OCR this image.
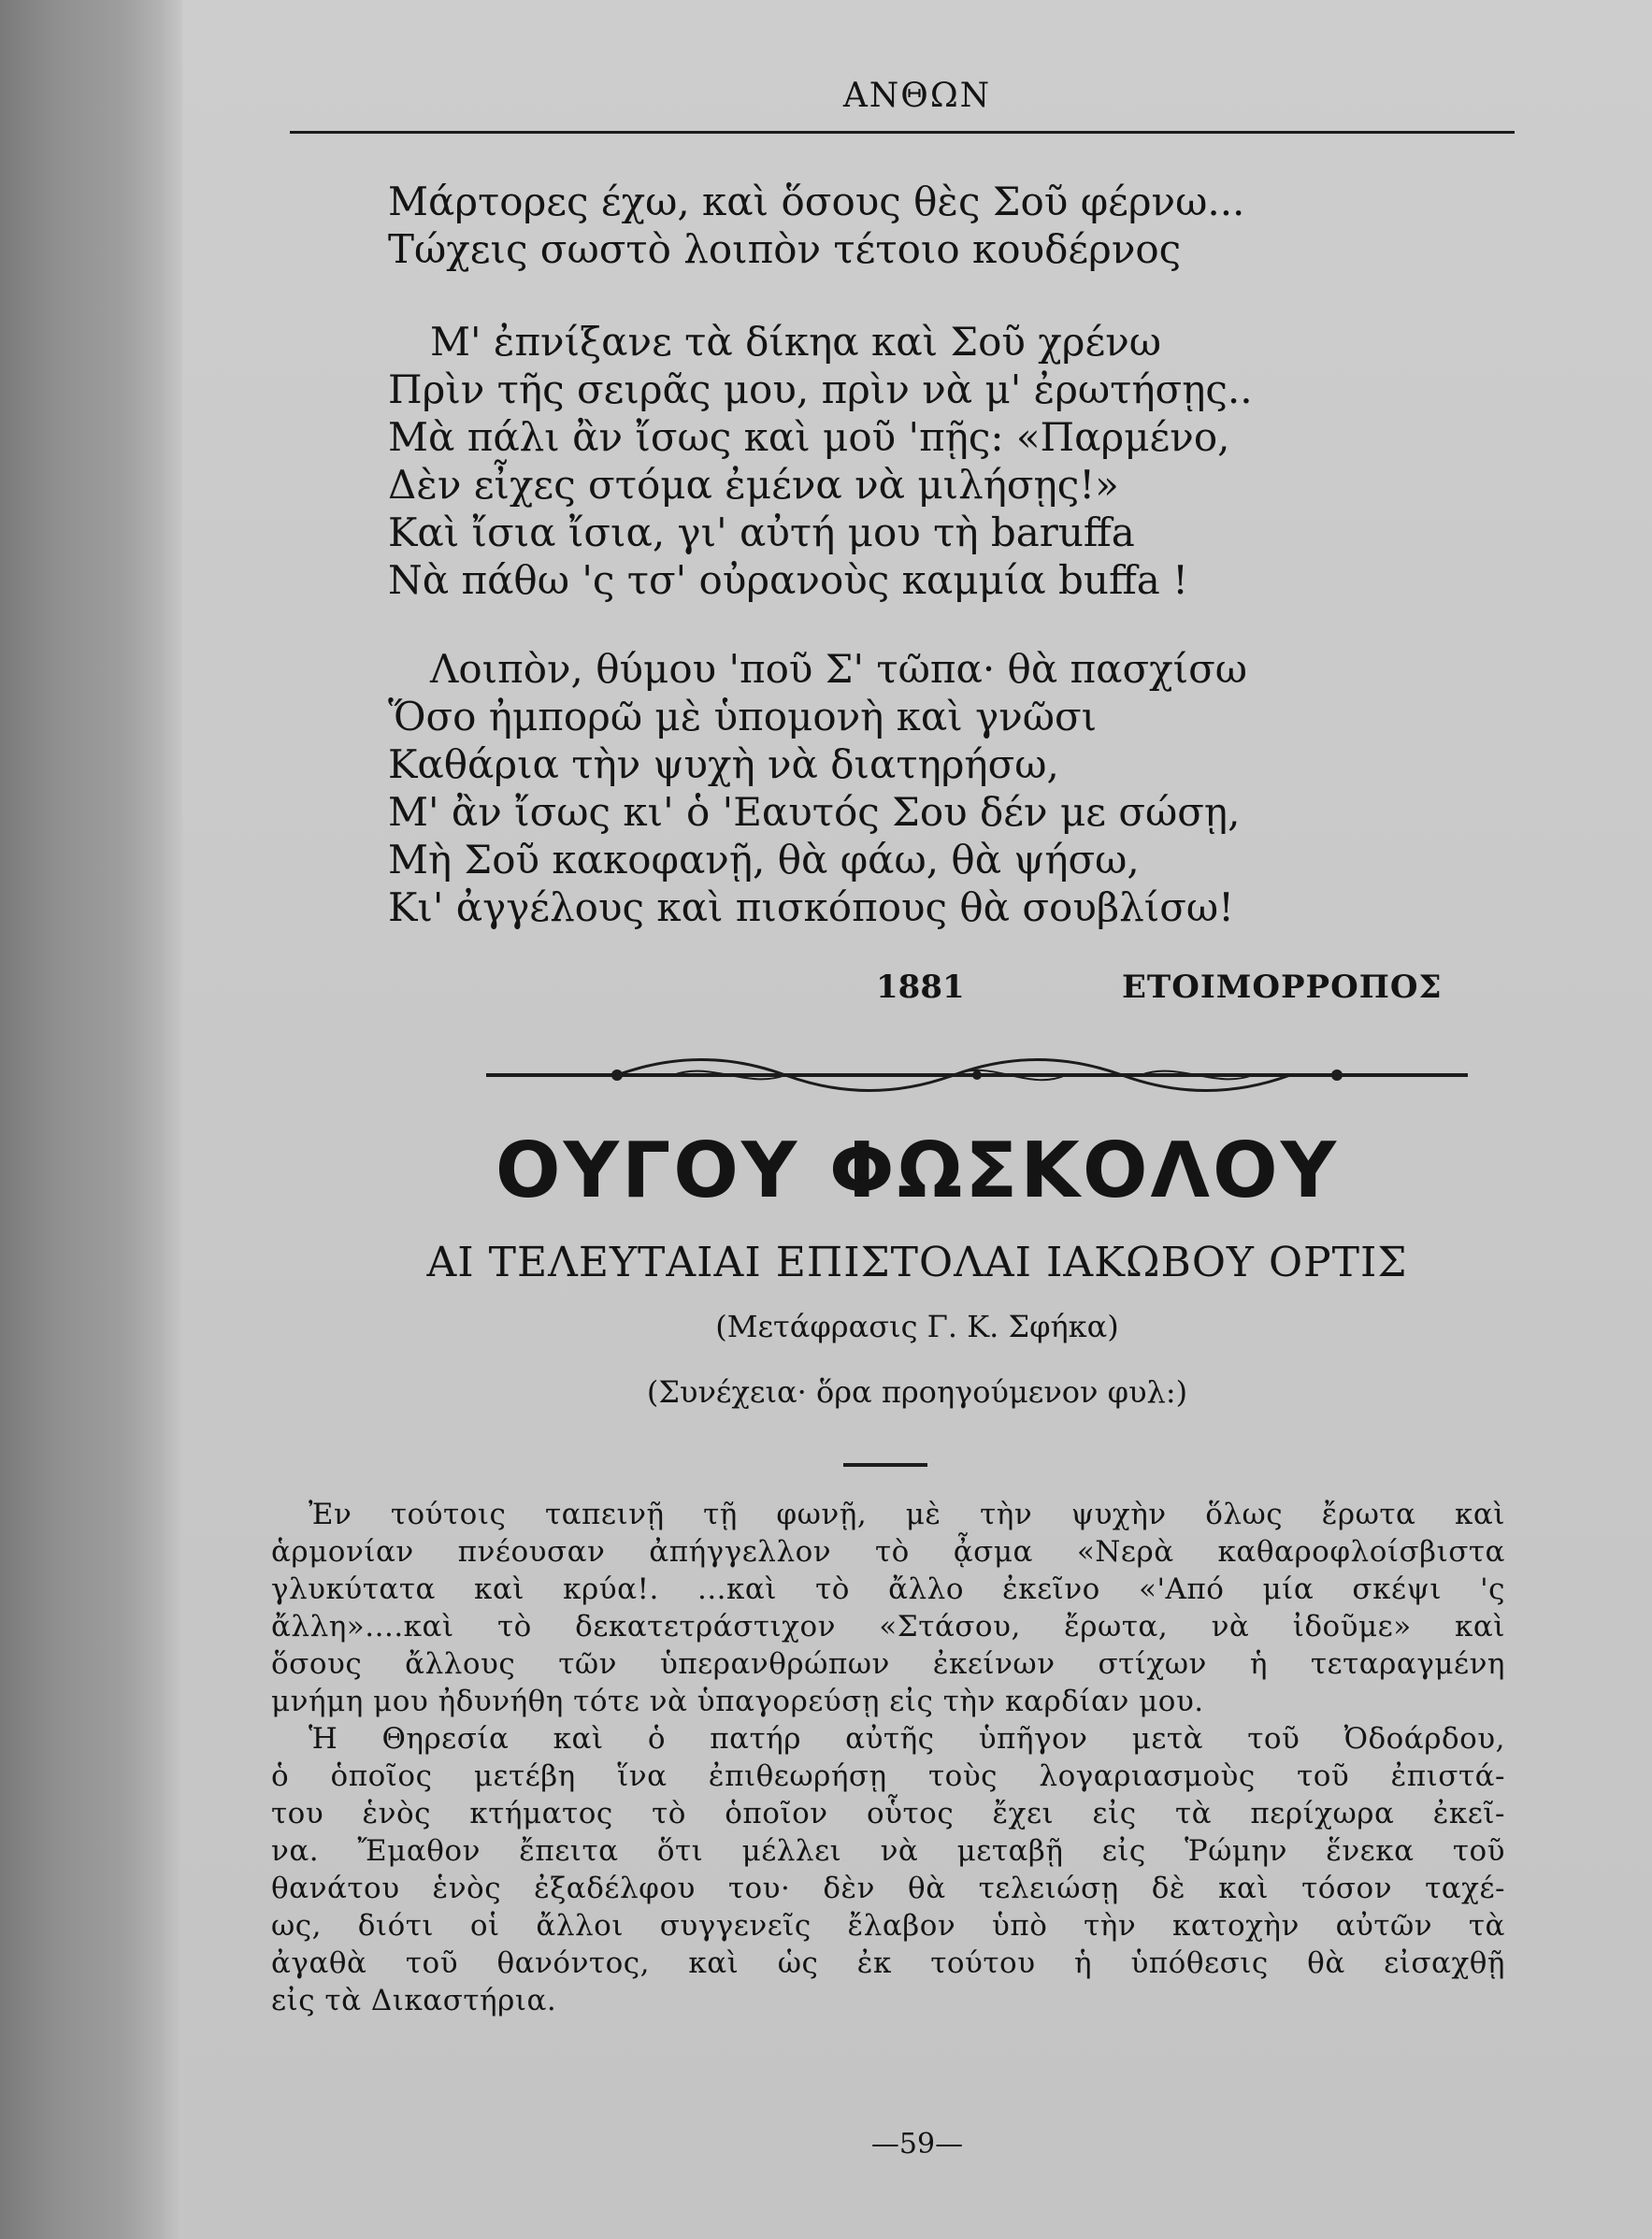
ΑΝΘΩΝ
Μάρτορες έχω, καὶ ὅσους θὲς Σοῦ φέρνω...
Τώχεις σωστὸ λοιπὸν τέτοιο κουδέρνος
Μ' ἐπνίξανε τὰ δίκηα καὶ Σοῦ χρένω
Πρὶν τῆς σειρᾶς μου, πρὶν νὰ μ' ἐρωτήσῃς..
Μὰ πάλι ἂν ἴσως καὶ μοῦ 'πῇς: «Παρμένο,
Δὲν εἶχες στόμα ἐμένα νὰ μιλήσῃς!»
Καὶ ἴσια ἴσια, γι' αὐτή μου τὴ baruffa
Νὰ πάθω 'ς τσ' οὐρανοὺς καμμία buffa !
Λοιπὸν, θύμου 'ποῦ Σ' τῶπα· θὰ πασχίσω
Ὅσο ἠμπορῶ μὲ ὑπομονὴ καὶ γνῶσι
Καθάρια τὴν ψυχὴ νὰ διατηρήσω,
Μ' ἂν ἴσως κι' ὁ 'Εαυτός Σου δέν με σώσῃ,
Μὴ Σοῦ κακοφανῇ, θὰ φάω, θὰ ψήσω,
Κι' ἀγγέλους καὶ πισκόπους θὰ σουβλίσω!
1881	ΕΤΟΙΜΟΡΡΟΠΟΣ
ΟΥΓΟΥ ΦΩΣΚΟΛΟΥ
ΑΙ ΤΕΛΕΥΤΑΙΑΙ ΕΠΙΣΤΟΛΑΙ ΙΑΚΩΒΟΥ ΟΡΤΙΣ
(Μετάφρασις Γ. Κ. Σφήκα)
(Συνέχεια· ὅρα προηγούμενον φυλ:)
Ἐν τούτοις ταπεινῇ τῇ φωνῇ, μὲ τὴν ψυχὴν ὅλως ἔρωτα καὶ
ἁρμονίαν πνέουσαν ἀπήγγελλον τὸ ᾆσμα «Νερὰ καθαροφλοίσβιστα
γλυκύτατα καὶ κρύα!. ...καὶ τὸ ἄλλο ἐκεῖνο «'Από μία σκέψι 'ς
ἄλλη»....καὶ τὸ δεκατετράστιχον «Στάσου, ἔρωτα, νὰ ἰδοῦμε» καὶ
ὅσους ἄλλους τῶν ὑπερανθρώπων ἐκείνων στίχων ἡ τεταραγμένη
μνήμη μου ἠδυνήθη τότε νὰ ὑπαγορεύσῃ εἰς τὴν καρδίαν μου.
Ἡ Θηρεσία καὶ ὁ πατήρ αὐτῆς ὑπῆγον μετὰ τοῦ Ὀδοάρδου,
ὁ ὁποῖος μετέβη ἵνα ἐπιθεωρήσῃ τοὺς λογαριασμοὺς τοῦ ἐπιστά-
του ἑνὸς κτήματος τὸ ὁποῖον οὗτος ἔχει εἰς τὰ περίχωρα ἐκεῖ-
να. Ἔμαθον ἔπειτα ὅτι μέλλει νὰ μεταβῇ εἰς Ῥώμην ἕνεκα τοῦ
θανάτου ἑνὸς ἐξαδέλφου του· δὲν θὰ τελειώσῃ δὲ καὶ τόσον ταχέ-
ως, διότι οἱ ἄλλοι συγγενεῖς ἔλαβον ὑπὸ τὴν κατοχὴν αὐτῶν τὰ
ἀγαθὰ τοῦ θανόντος, καὶ ὡς ἐκ τούτου ἡ ὑπόθεσις θὰ εἰσαχθῇ
εἰς τὰ Δικαστήρια.
—59—
